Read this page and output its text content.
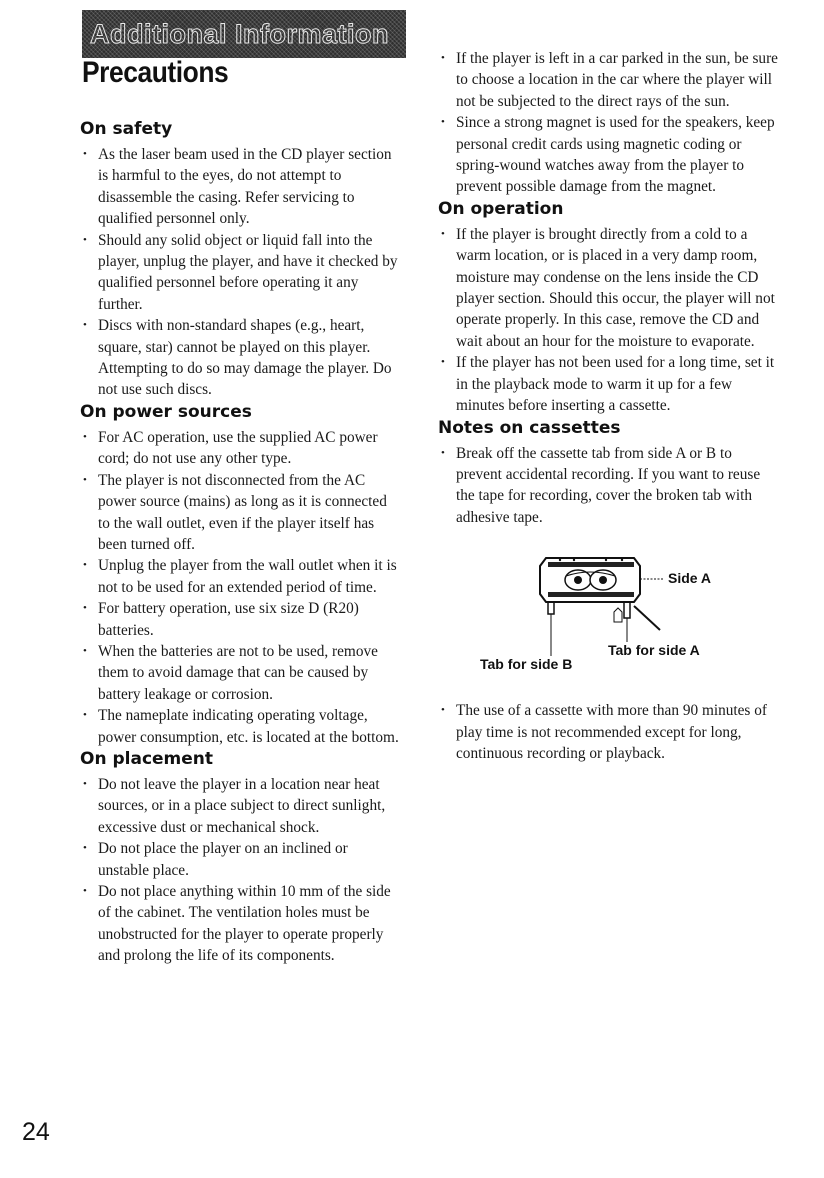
Additional Information
Precautions
On safety
• As the laser beam used in the CD player section is harmful to the eyes, do not attempt to disassemble the casing. Refer servicing to qualified personnel only.
• Should any solid object or liquid fall into the player, unplug the player, and have it checked by qualified personnel before operating it any further.
• Discs with non-standard shapes (e.g., heart, square, star) cannot be played on this player. Attempting to do so may damage the player. Do not use such discs.
On power sources
• For AC operation, use the supplied AC power cord; do not use any other type.
• The player is not disconnected from the AC power source (mains) as long as it is connected to the wall outlet, even if the player itself has been turned off.
• Unplug the player from the wall outlet when it is not to be used for an extended period of time.
• For battery operation, use six size D (R20) batteries.
• When the batteries are not to be used, remove them to avoid damage that can be caused by battery leakage or corrosion.
• The nameplate indicating operating voltage, power consumption, etc. is located at the bottom.
On placement
• Do not leave the player in a location near heat sources, or in a place subject to direct sunlight, excessive dust or mechanical shock.
• Do not place the player on an inclined or unstable place.
• Do not place anything within 10 mm of the side of the cabinet. The ventilation holes must be unobstructed for the player to operate properly and prolong the life of its components.
• If the player is left in a car parked in the sun, be sure to choose a location in the car where the player will not be subjected to the direct rays of the sun.
• Since a strong magnet is used for the speakers, keep personal credit cards using magnetic coding or spring-wound watches away from the player to prevent possible damage from the magnet.
On operation
• If the player is brought directly from a cold to a warm location, or is placed in a very damp room, moisture may condense on the lens inside the CD player section. Should this occur, the player will not operate properly. In this case, remove the CD and wait about an hour for the moisture to evaporate.
• If the player has not been used for a long time, set it in the playback mode to warm it up for a few minutes before inserting a cassette.
Notes on cassettes
• Break off the cassette tab from side A or B to prevent accidental recording. If you want to reuse the tape for recording, cover the broken tab with adhesive tape.
Side A
Tab for side A
Tab for side B
• The use of a cassette with more than 90 minutes of play time is not recommended except for long, continuous recording or playback.
24
